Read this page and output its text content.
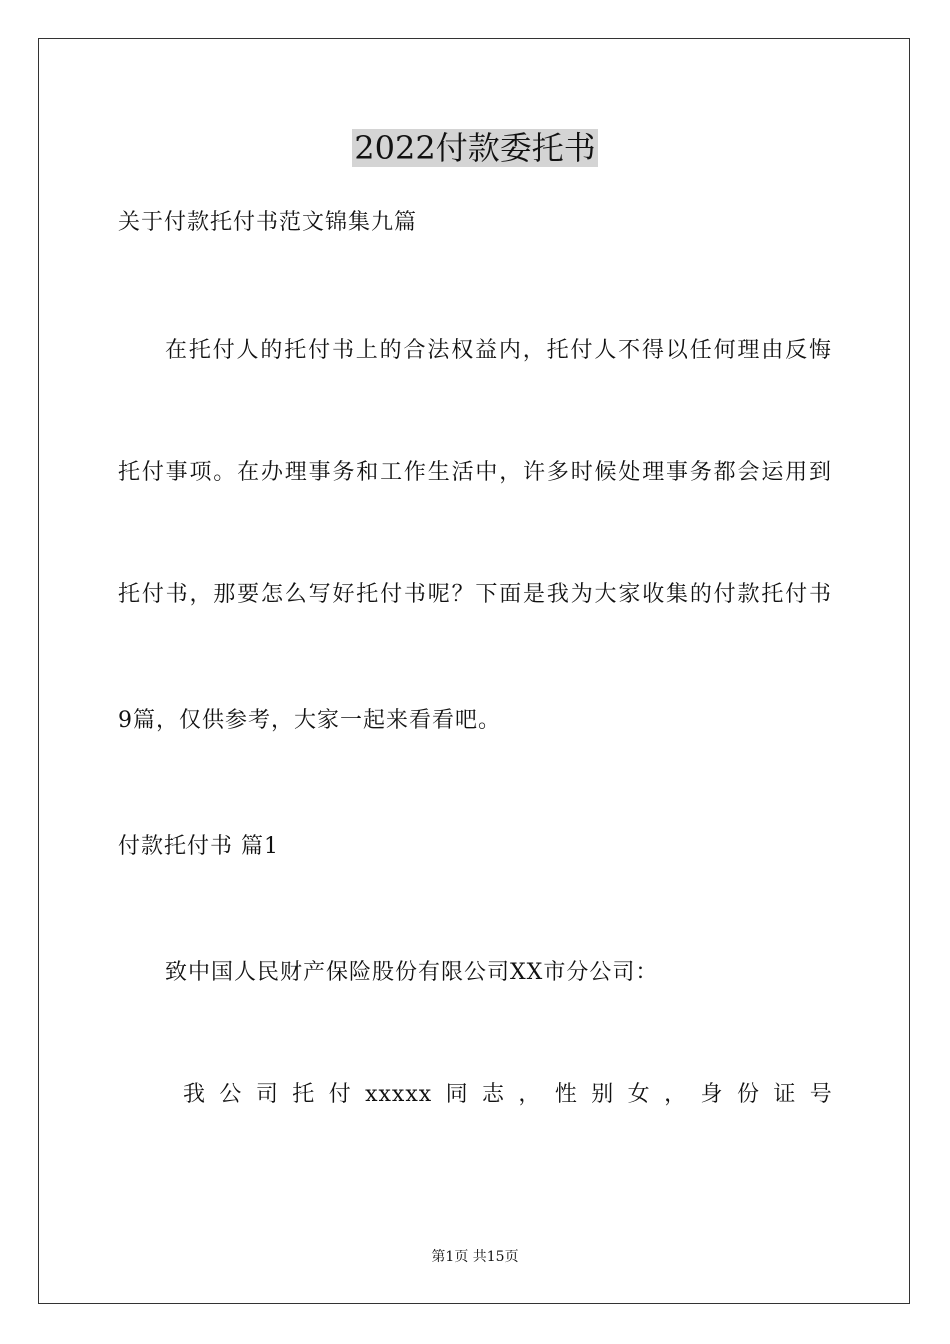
2022付款委托书
关于付款托付书范文锦集九篇
在托付人的托付书上的合法权益内，托付人不得以任何理由反悔
托付事项。在办理事务和工作生活中，许多时候处理事务都会运用到
托付书，那要怎么写好托付书呢？下面是我为大家收集的付款托付书
9篇，仅供参考，大家一起来看看吧。
付款托付书 篇1
致中国人民财产保险股份有限公司XX市分公司：
我 公 司 托 付 xxxxx 同 志 ， 性 别 女 ， 身 份 证 号
第1页 共15页
